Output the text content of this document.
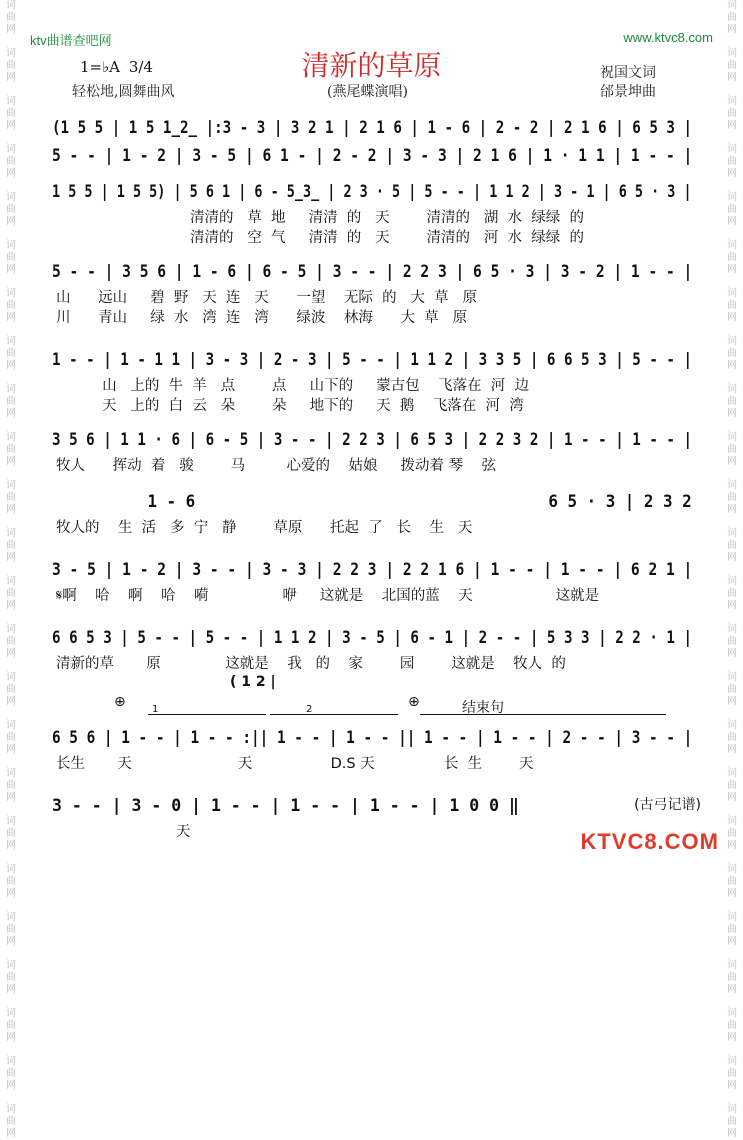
词
曲
网

词
曲
网

词
曲
网

词
曲
网

词
曲
网

词
曲
网

词
曲
网

词
曲
网

词
曲
网

词
曲
网

词
曲
网

词
曲
网

词
曲
网

词
曲
网

词
曲
网

词
曲
网

词
曲
网

词
曲
网

词
曲
网

词
曲
网

词
曲
网

词
曲
网

词
曲
网

词
曲
网

词
曲
网

词
曲
网

词
曲
网

词
曲
网

词
曲
网

词
曲
网

词
曲
网

词
曲
网

词
曲
网

词
曲
网

词
曲
网

词
曲
网

词
曲
网

词
曲
网

词
曲
网

词
曲
网

词
曲
网

词
曲
网

词
曲
网

词
曲
网

词
曲
网

词
曲
网

词
曲
网

词
曲
网

ktv曲谱查吧网	www.ktvc8.com
清新的草原
1=♭A 3/4
轻松地,圆舞曲风	(燕尾蝶演唱)
祝国文词
邰景坤曲
(1 5 5 | 1 5 1̲2̲ |:3 - 3 | 3 2 1 | 2 1 6 | 1 - 6 | 2 - 2 | 2 1 6 | 6 5 3 |
5 - - | 1 - 2 | 3 - 5 | 6 1 - | 2 - 2 | 3 - 3 | 2 1 6 | 1 · 1 1 | 1 - - |
1 5 5 | 1 5 5) | 5 6 1 | 6 - 5̲3̲ | 2 3 · 5 | 5 - - | 1 1 2 | 3 - 1 | 6 5 · 3 |
清清的   草  地     清清  的   天        清清的   湖  水  绿绿  的
清清的   空  气     清清  的   天        清清的   河  水  绿绿  的
5 - - | 3 5 6 | 1 - 6 | 6 - 5 | 3 - - | 2 2 3 | 6 5 · 3 | 3 - 2 | 1 - - |
山      远山     碧  野   天  连   天      一望    无际  的   大  草   原
川      青山     绿  水   湾  连   湾      绿波    林海      大  草   原
1 - - | 1 - 1 1 | 3 - 3 | 2 - 3 | 5 - - | 1 1 2 | 3 3 5 | 6 6 5 3 | 5 - - |
山   上的  牛  羊   点        点     山下的     蒙古包    飞落在  河  边
天   上的  白  云   朵        朵     地下的     天  鹅    飞落在  河  湾
3 5 6 | 1 1 · 6 | 6 - 5 | 3 - - | 2 2 3 | 6 5 3 | 2 2 3 2 | 1 - - | 1 - - |
牧人      挥动  着   骏        马         心爱的    姑娘     拨动着 琴    弦
1 - 6                                     6 5 · 3 | 2 3 2
牧人的    生  活   多  宁   静        草原      托起  了   长    生   天
3 - 5 | 1 - 2 | 3 - - | 3 - 3 | 2 2 3 | 2 2 1 6 | 1 - - | 1 - - | 6 2 1 |
𝄋啊    哈    啊    哈    嗬                咿     这就是    北国的蓝    天                  这就是
6 6 5 3 | 5 - - | 5 - - | 1 1 2 | 3 - 5 | 6 - 1 | 2 - - | 5 3 3 | 2 2 · 1 |
清新的草       原              这就是    我   的    家        园        这就是    牧人  的
6 5 6 | 1 - - | 1 - - :|| 1 - - | 1 - - || 1 - - | 1 - - | 2 - - | 3 - - |
长生       天                       天                 D.S 天               长  生        天
3 - - | 3 - 0 | 1 - - | 1 - - | 1 - - | 1 0 0 ‖
天
( 1 2 |
⊕	⊕	结束句
1	2
(古弓记谱)
KTVC8.COM
